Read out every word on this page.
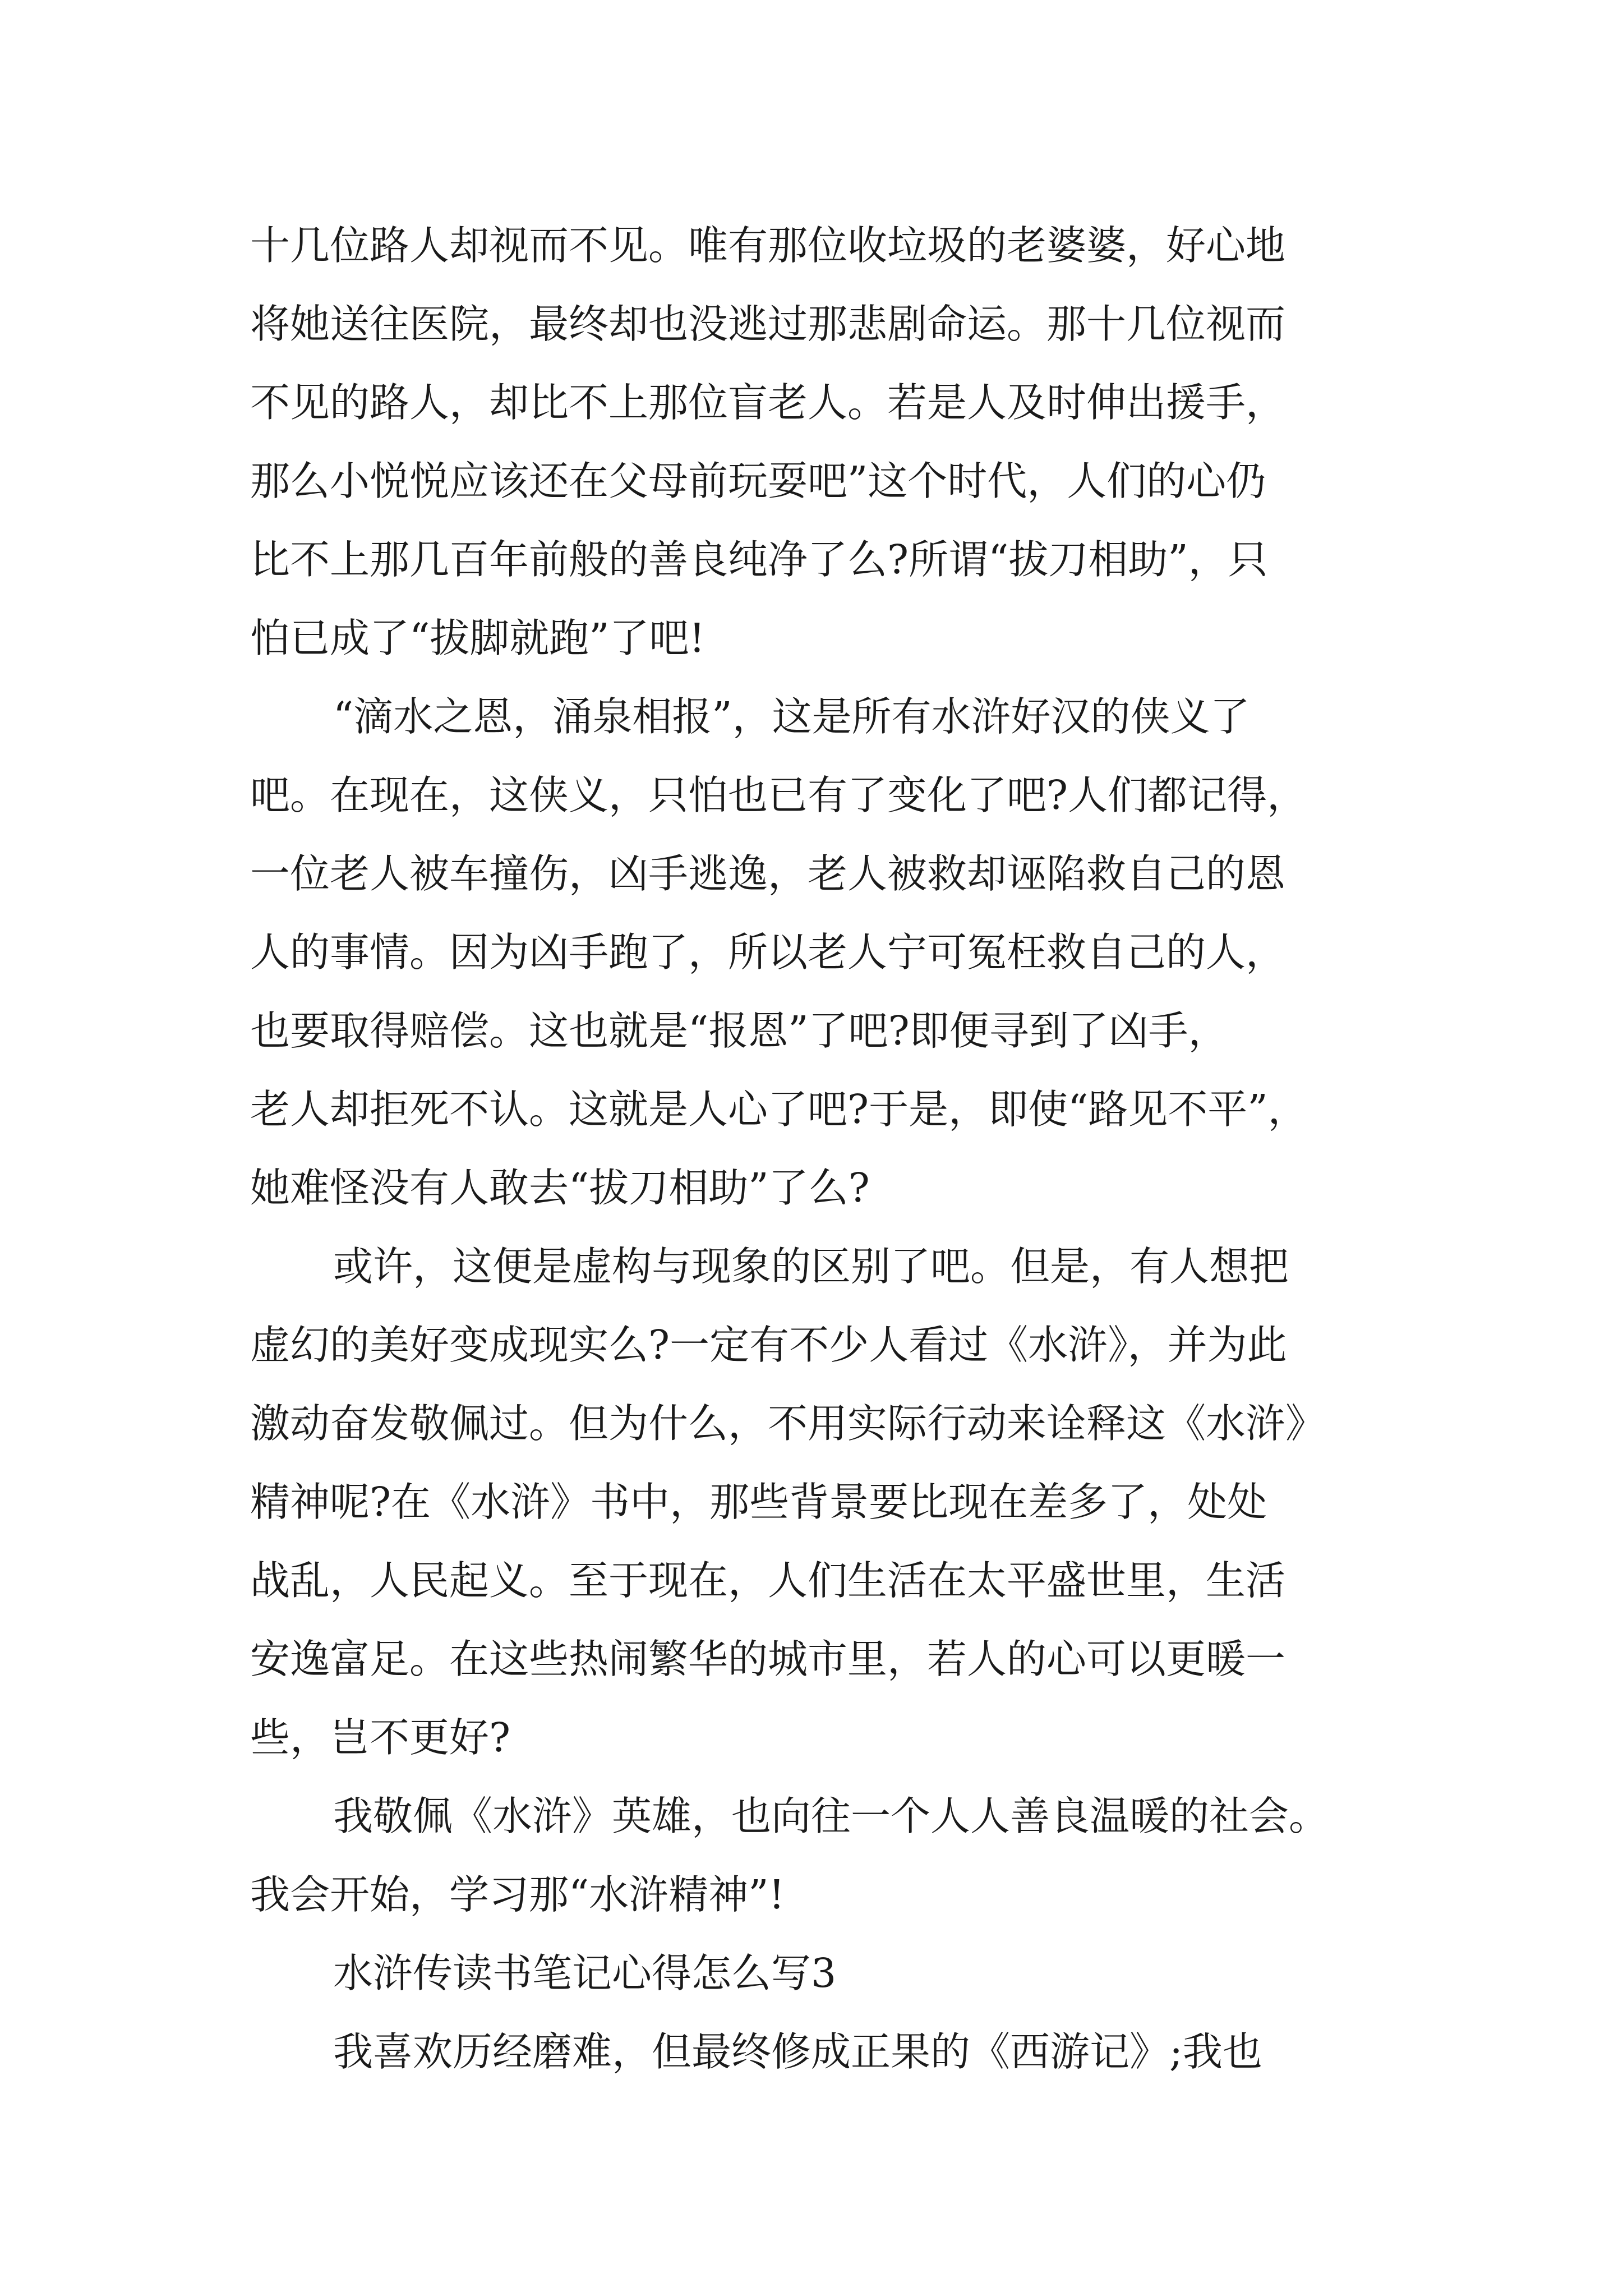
十几位路人却视而不见。唯有那位收垃圾的老婆婆，好心地
将她送往医院，最终却也没逃过那悲剧命运。那十几位视而
不见的路人，却比不上那位盲老人。若是人及时伸出援手，
那么小悦悦应该还在父母前玩耍吧”这个时代，人们的心仍
比不上那几百年前般的善良纯净了么?所谓“拔刀相助”，只
怕已成了“拔脚就跑”了吧!
“滴水之恩，涌泉相报”，这是所有水浒好汉的侠义了
吧。在现在，这侠义，只怕也已有了变化了吧?人们都记得，
一位老人被车撞伤，凶手逃逸，老人被救却诬陷救自己的恩
人的事情。因为凶手跑了，所以老人宁可冤枉救自己的人，
也要取得赔偿。这也就是“报恩”了吧?即便寻到了凶手，
老人却拒死不认。这就是人心了吧?于是，即使“路见不平”，
她难怪没有人敢去“拔刀相助”了么?
或许，这便是虚构与现象的区别了吧。但是，有人想把
虚幻的美好变成现实么?一定有不少人看过《水浒》，并为此
激动奋发敬佩过。但为什么，不用实际行动来诠释这《水浒》
精神呢?在《水浒》书中，那些背景要比现在差多了，处处
战乱，人民起义。至于现在，人们生活在太平盛世里，生活
安逸富足。在这些热闹繁华的城市里，若人的心可以更暖一
些，岂不更好?
我敬佩《水浒》英雄，也向往一个人人善良温暖的社会。
我会开始，学习那“水浒精神”!
水浒传读书笔记心得怎么写3
我喜欢历经磨难，但最终修成正果的《西游记》;我也
